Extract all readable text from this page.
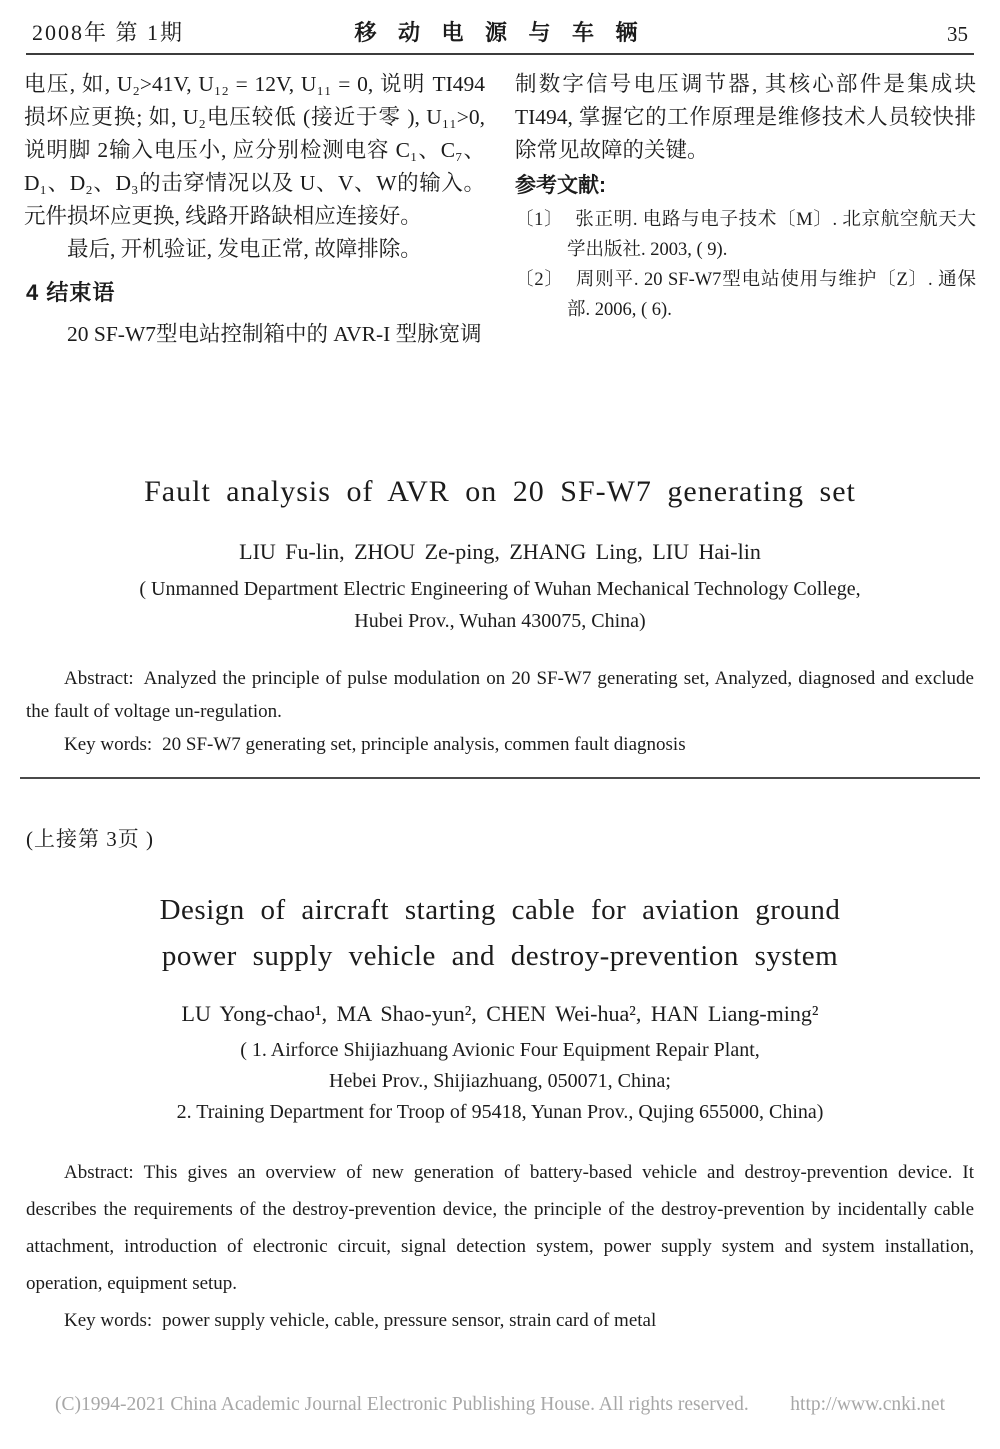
2008年 第 1期	移 动 电 源 与 车 辆	35

电压, 如, U₂>41V, U₁₂ = 12V, U₁₁ = 0, 说明 TI494损坏应更换; 如, U₂电压较低 (接近于零 ), U₁₁>0, 说明脚 2输入电压小, 应分别检测电容 C₁、C₇、D₁、D₂、D₃的击穿情况以及 U、V、W的输入。 元件损坏应更换, 线路开路缺相应连接好。

最后, 开机验证, 发电正常, 故障排除。

4 结束语

20 SF-W7型电站控制箱中的 AVR-I 型脉宽调

制数字信号电压调节器, 其核心部件是集成块 TI494, 掌握它的工作原理是维修技术人员较快排除常见故障的关键。

参考文献:
〔1〕 张正明. 电路与电子技术〔M〕. 北京航空航天大学出版社. 2003, ( 9).
〔2〕 周则平. 20 SF-W7型电站使用与维护〔Z〕. 通保部. 2006, ( 6).
Fault analysis of AVR on 20 SF-W7 generating set
LIU Fu-lin, ZHOU Ze-ping, ZHANG Ling, LIU Hai-lin
( Unmanned Department Electric Engineering of Wuhan Mechanical Technology College,
Hubei Prov., Wuhan 430075, China)

Abstract: Analyzed the principle of pulse modulation on 20 SF-W7 generating set, Analyzed, diagnosed and exclude the fault of voltage un-regulation.

Key words: 20 SF-W7 generating set, principle analysis, commen fault diagnosis

(上接第 3页 )
Design of aircraft starting cable for aviation ground
power supply vehicle and destroy-prevention system
LU Yong-chao¹, MA Shao-yun², CHEN Wei-hua², HAN Liang-ming²
( 1. Airforce Shijiazhuang Avionic Four Equipment Repair Plant,
Hebei Prov., Shijiazhuang, 050071, China;
2. Training Department for Troop of 95418, Yunan Prov., Qujing 655000, China)

Abstract: This gives an overview of new generation of battery-based vehicle and destroy-prevention device. It describes the requirements of the destroy-prevention device, the principle of the destroy-prevention by incidentally cable attachment, introduction of electronic circuit, signal detection system, power supply system and system installation, operation, equipment setup.

Key words: power supply vehicle, cable, pressure sensor, strain card of metal

(C)1994-2021 China Academic Journal Electronic Publishing House. All rights reserved. http://www.cnki.net
